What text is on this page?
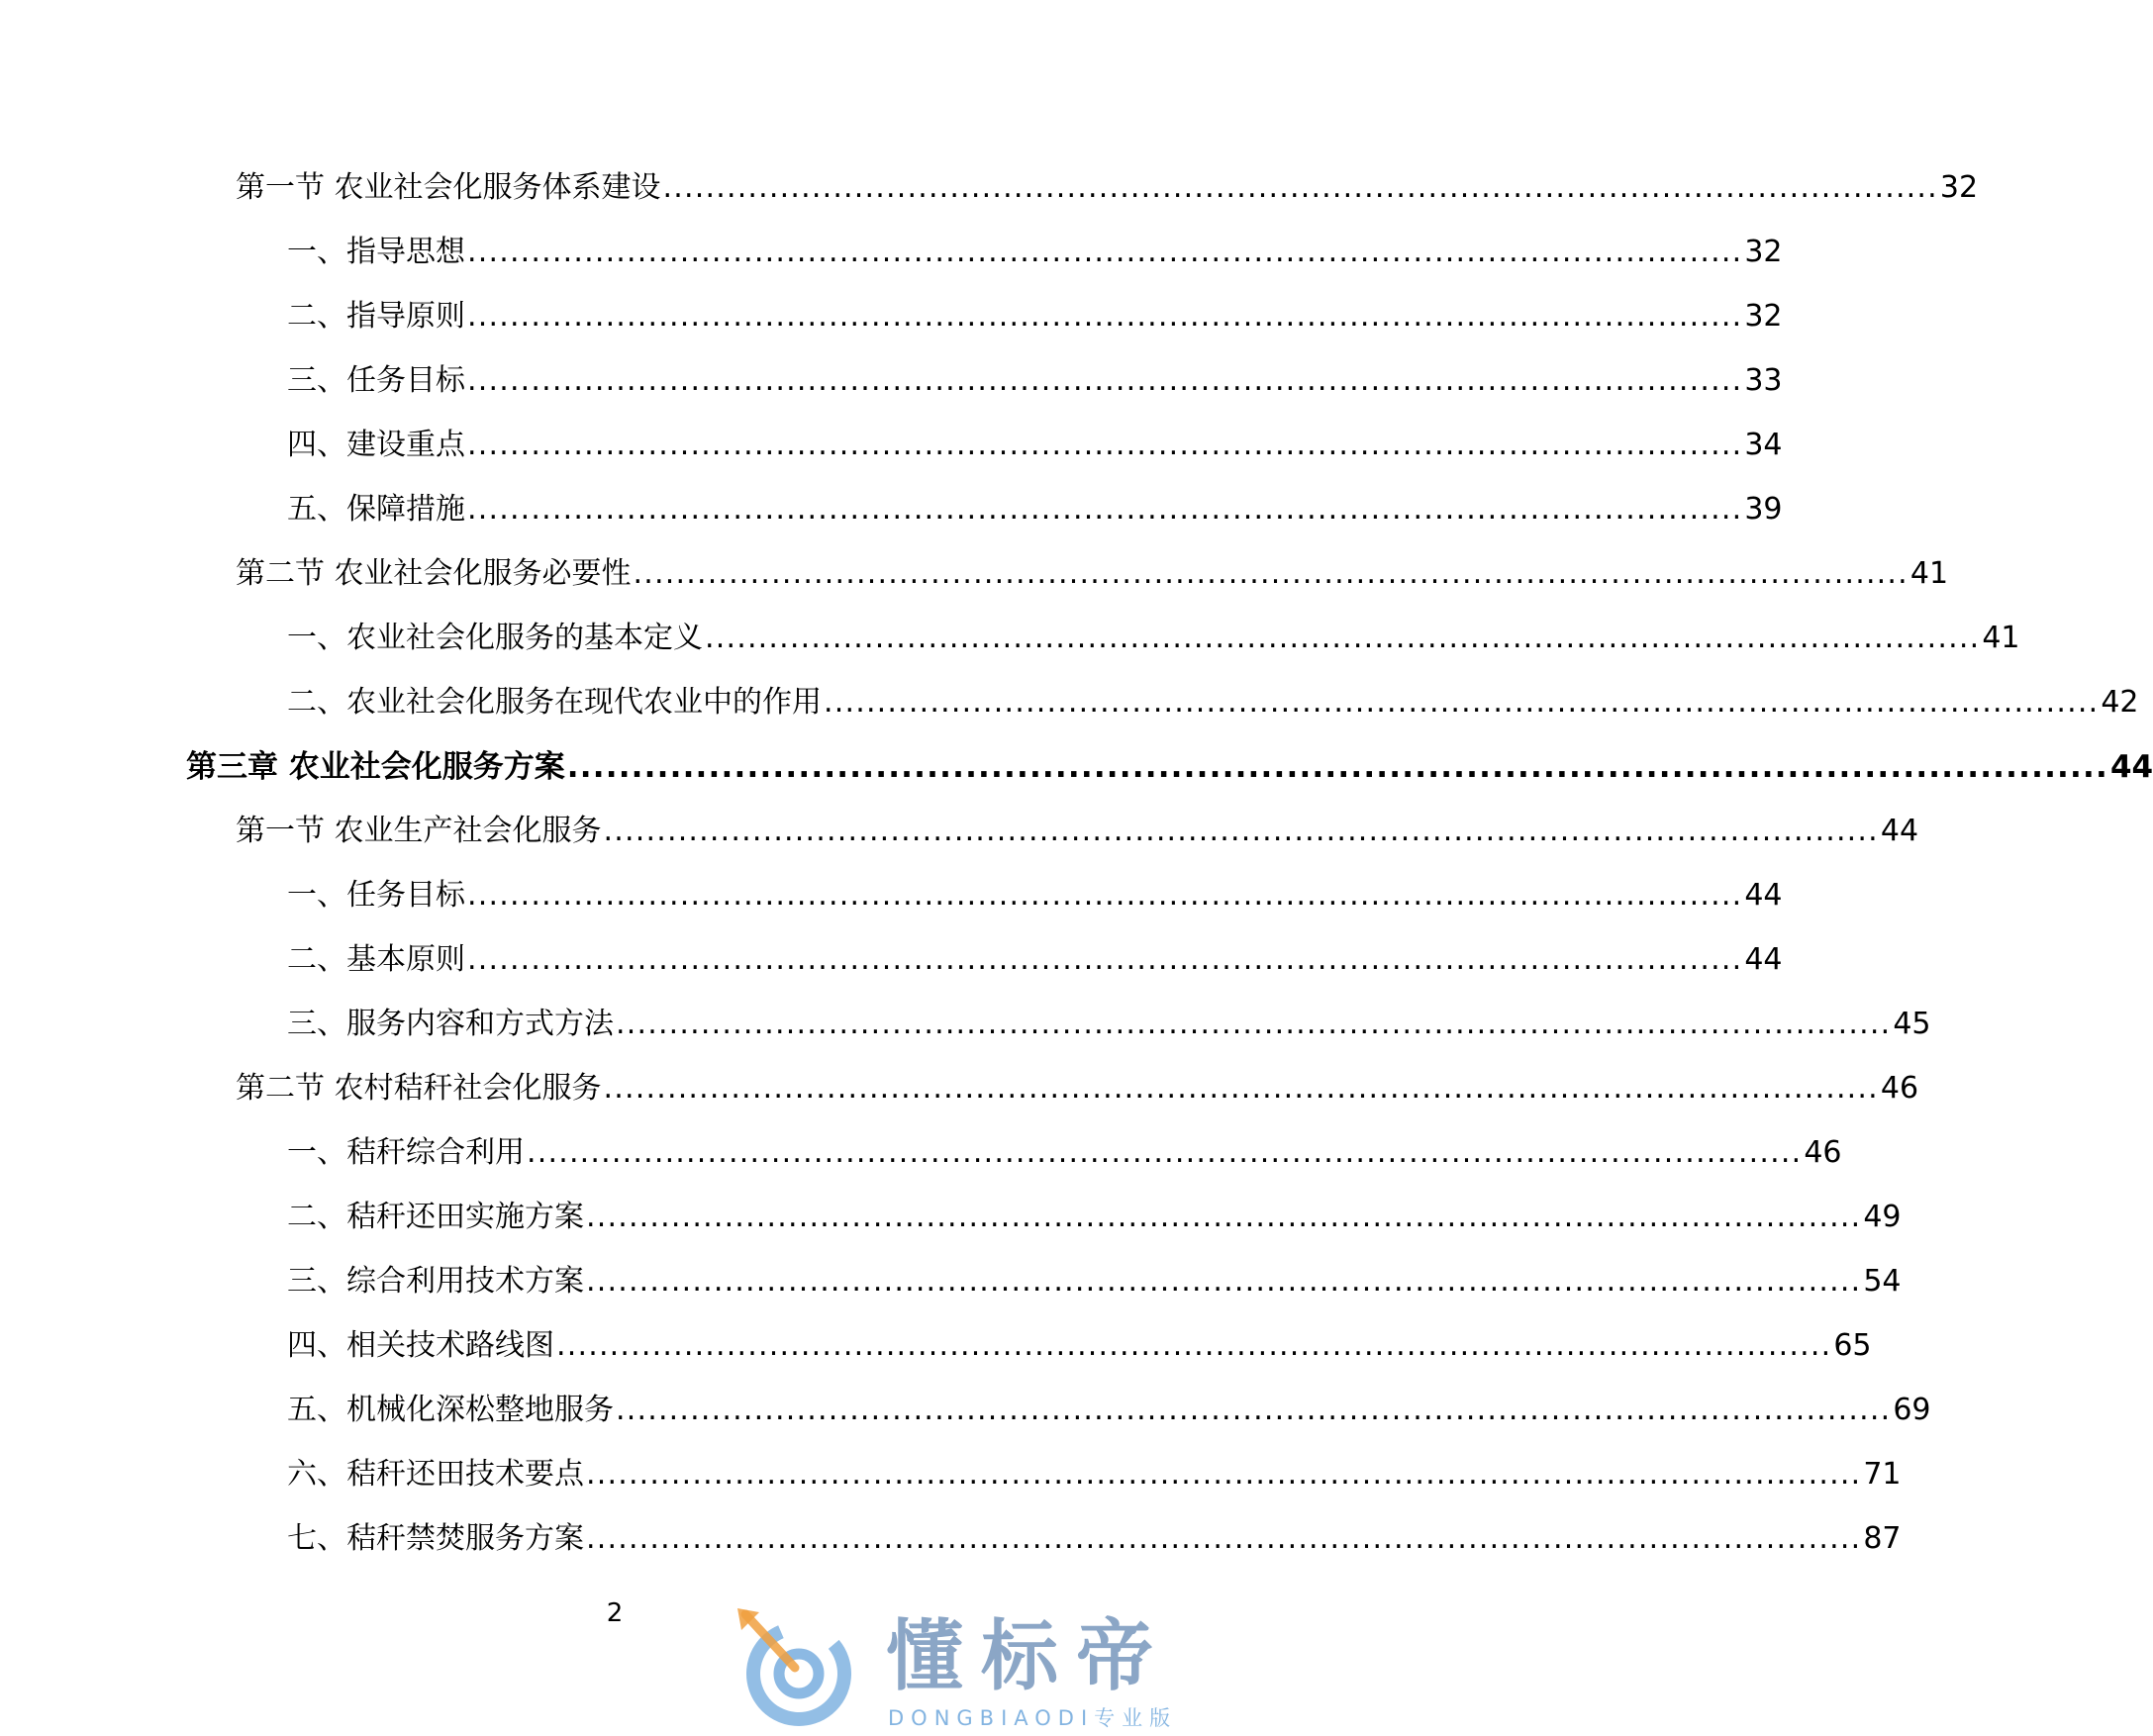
第一节 农业社会化服务体系建设 ........................................................................................................................ 32
一、指导思想 ........................................................................................................................ 32
二、指导原则 ........................................................................................................................ 32
三、任务目标 ........................................................................................................................ 33
四、建设重点 ........................................................................................................................ 34
五、保障措施 ........................................................................................................................ 39
第二节 农业社会化服务必要性 ........................................................................................................................ 41
一、农业社会化服务的基本定义 ........................................................................................................................ 41
二、农业社会化服务在现代农业中的作用 ........................................................................................................................ 42
第三章 农业社会化服务方案 ........................................................................................................................ 44
第一节 农业生产社会化服务 ........................................................................................................................ 44
一、任务目标 ........................................................................................................................ 44
二、基本原则 ........................................................................................................................ 44
三、服务内容和方式方法 ........................................................................................................................ 45
第二节 农村秸秆社会化服务 ........................................................................................................................ 46
一、秸秆综合利用 ........................................................................................................................ 46
二、秸秆还田实施方案 ........................................................................................................................ 49
三、综合利用技术方案 ........................................................................................................................ 54
四、相关技术路线图 ........................................................................................................................ 65
五、机械化深松整地服务 ........................................................................................................................ 69
六、秸秆还田技术要点 ........................................................................................................................ 71
七、秸秆禁焚服务方案 ........................................................................................................................ 87
2	懂标帝
DONGBIAODI专业版
